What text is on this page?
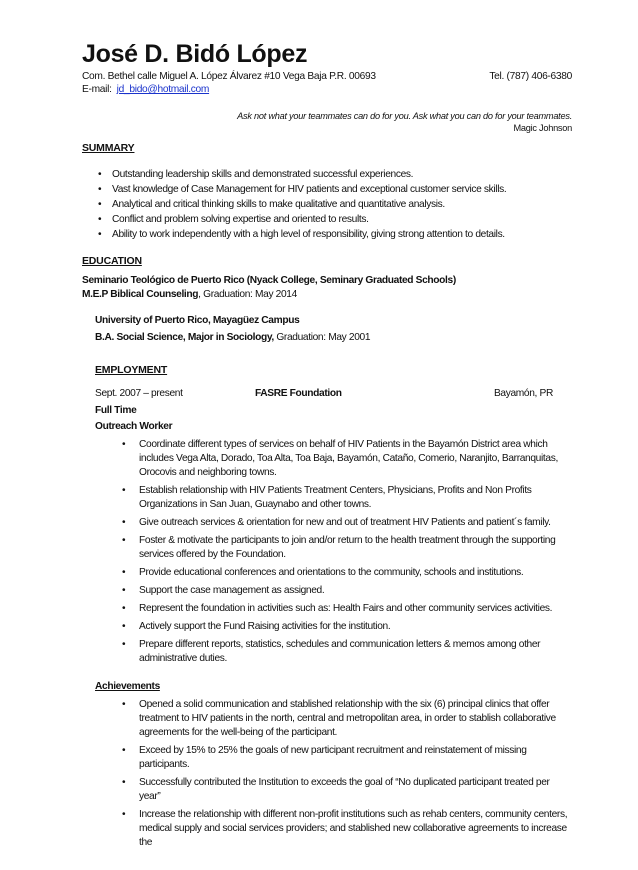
José D. Bidó López
Com. Bethel calle Miguel A. López Álvarez #10 Vega Baja P.R. 00693	Tel. (787) 406-6380
E-mail: jd_bido@hotmail.com
Ask not what your teammates can do for you. Ask what you can do for your teammates.
Magic Johnson
SUMMARY
• Outstanding leadership skills and demonstrated successful experiences.
• Vast knowledge of Case Management for HIV patients and exceptional customer service skills.
• Analytical and critical thinking skills to make qualitative and quantitative analysis.
• Conflict and problem solving expertise and oriented to results.
• Ability to work independently with a high level of responsibility, giving strong attention to details.
EDUCATION
Seminario Teológico de Puerto Rico (Nyack College, Seminary Graduated Schools)
M.E.P Biblical Counseling, Graduation: May 2014
University of Puerto Rico, Mayagüez Campus
B.A. Social Science, Major in Sociology, Graduation: May 2001
EMPLOYMENT
Sept. 2007 – present	FASRE Foundation	Bayamón, PR
Full Time
Outreach Worker
• Coordinate different types of services on behalf of HIV Patients in the Bayamón District area which includes Vega Alta, Dorado, Toa Alta, Toa Baja, Bayamón, Cataño, Comerio, Naranjito, Barranquitas, Orocovis and neighboring towns.
• Establish relationship with HIV Patients Treatment Centers, Physicians, Profits and Non Profits Organizations in San Juan, Guaynabo and other towns.
• Give outreach services & orientation for new and out of treatment HIV Patients and patient´s family.
• Foster & motivate the participants to join and/or return to the health treatment through the supporting services offered by the Foundation.
• Provide educational conferences and orientations to the community, schools and institutions.
• Support the case management as assigned.
• Represent the foundation in activities such as: Health Fairs and other community services activities.
• Actively support the Fund Raising activities for the institution.
• Prepare different reports, statistics, schedules and communication letters & memos among other administrative duties.
Achievements
• Opened a solid communication and stablished relationship with the six (6) principal clinics that offer treatment to HIV patients in the north, central and metropolitan area, in order to stablish collaborative agreements for the well-being of the participant.
• Exceed by 15% to 25% the goals of new participant recruitment and reinstatement of missing participants.
• Successfully contributed the Institution to exceeds the goal of “No duplicated participant treated per year”
• Increase the relationship with different non-profit institutions such as rehab centers, community centers, medical supply and social services providers; and stablished new collaborative agreements to increase the
